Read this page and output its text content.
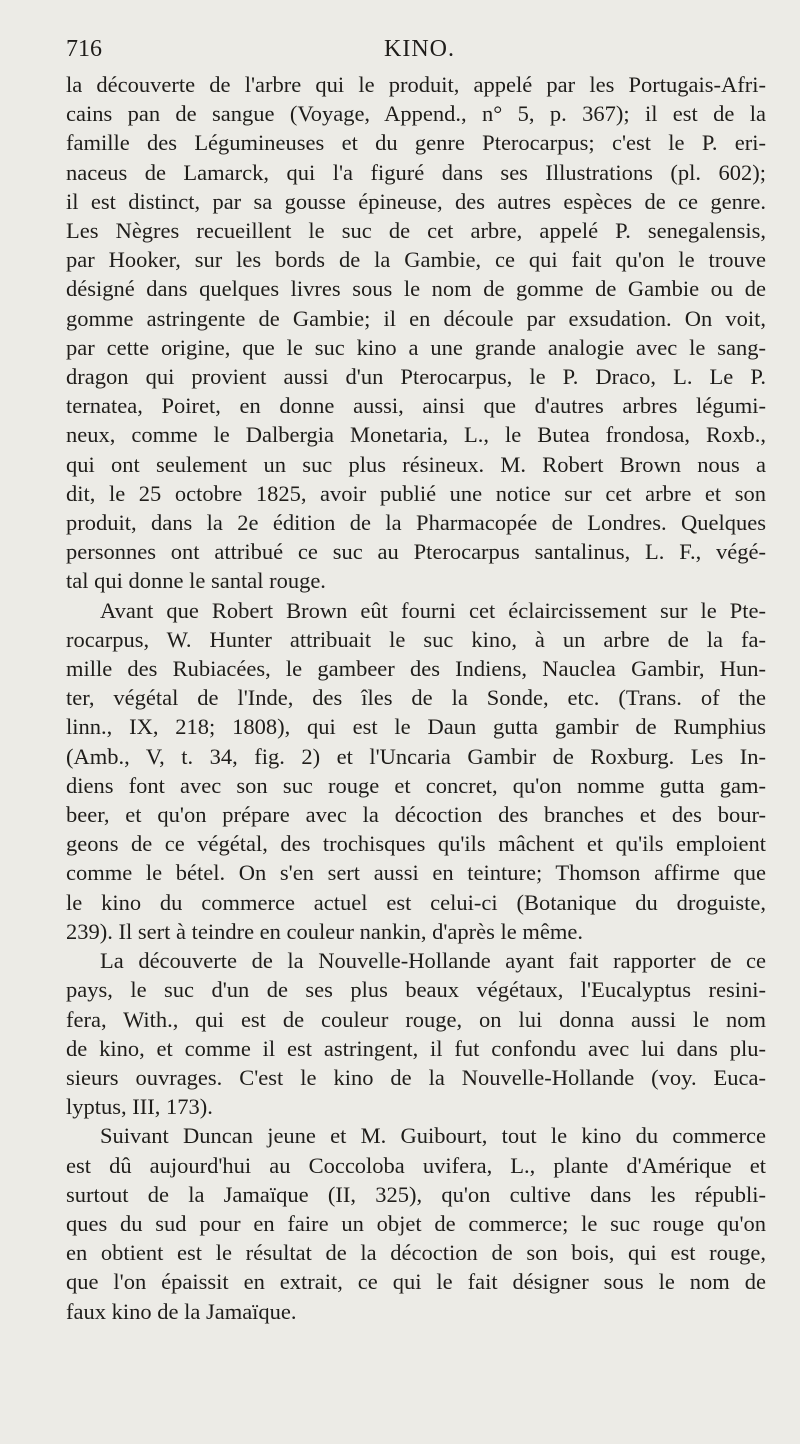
716	KINO.
la découverte de l'arbre qui le produit, appelé par les Portugais-Afri-
cains pan de sangue (Voyage, Append., n° 5, p. 367); il est de la
famille des Légumineuses et du genre Pterocarpus; c'est le P. eri-
naceus de Lamarck, qui l'a figuré dans ses Illustrations (pl. 602);
il est distinct, par sa gousse épineuse, des autres espèces de ce genre.
Les Nègres recueillent le suc de cet arbre, appelé P. senegalensis,
par Hooker, sur les bords de la Gambie, ce qui fait qu'on le trouve
désigné dans quelques livres sous le nom de gomme de Gambie ou de
gomme astringente de Gambie; il en découle par exsudation. On voit,
par cette origine, que le suc kino a une grande analogie avec le sang-
dragon qui provient aussi d'un Pterocarpus, le P. Draco, L. Le P.
ternatea, Poiret, en donne aussi, ainsi que d'autres arbres légumi-
neux, comme le Dalbergia Monetaria, L., le Butea frondosa, Roxb.,
qui ont seulement un suc plus résineux. M. Robert Brown nous a
dit, le 25 octobre 1825, avoir publié une notice sur cet arbre et son
produit, dans la 2e édition de la Pharmacopée de Londres. Quelques
personnes ont attribué ce suc au Pterocarpus santalinus, L. F., végé-
tal qui donne le santal rouge.
Avant que Robert Brown eût fourni cet éclaircissement sur le Pte-
rocarpus, W. Hunter attribuait le suc kino, à un arbre de la fa-
mille des Rubiacées, le gambeer des Indiens, Nauclea Gambir, Hun-
ter, végétal de l'Inde, des îles de la Sonde, etc. (Trans. of the
linn., IX, 218; 1808), qui est le Daun gutta gambir de Rumphius
(Amb., V, t. 34, fig. 2) et l'Uncaria Gambir de Roxburg. Les In-
diens font avec son suc rouge et concret, qu'on nomme gutta gam-
beer, et qu'on prépare avec la décoction des branches et des bour-
geons de ce végétal, des trochisques qu'ils mâchent et qu'ils emploient
comme le bétel. On s'en sert aussi en teinture; Thomson affirme que
le kino du commerce actuel est celui-ci (Botanique du droguiste,
239). Il sert à teindre en couleur nankin, d'après le même.
La découverte de la Nouvelle-Hollande ayant fait rapporter de ce
pays, le suc d'un de ses plus beaux végétaux, l'Eucalyptus resini-
fera, With., qui est de couleur rouge, on lui donna aussi le nom
de kino, et comme il est astringent, il fut confondu avec lui dans plu-
sieurs ouvrages. C'est le kino de la Nouvelle-Hollande (voy. Euca-
lyptus, III, 173).
Suivant Duncan jeune et M. Guibourt, tout le kino du commerce
est dû aujourd'hui au Coccoloba uvifera, L., plante d'Amérique et
surtout de la Jamaïque (II, 325), qu'on cultive dans les républi-
ques du sud pour en faire un objet de commerce; le suc rouge qu'on
en obtient est le résultat de la décoction de son bois, qui est rouge,
que l'on épaissit en extrait, ce qui le fait désigner sous le nom de
faux kino de la Jamaïque.
